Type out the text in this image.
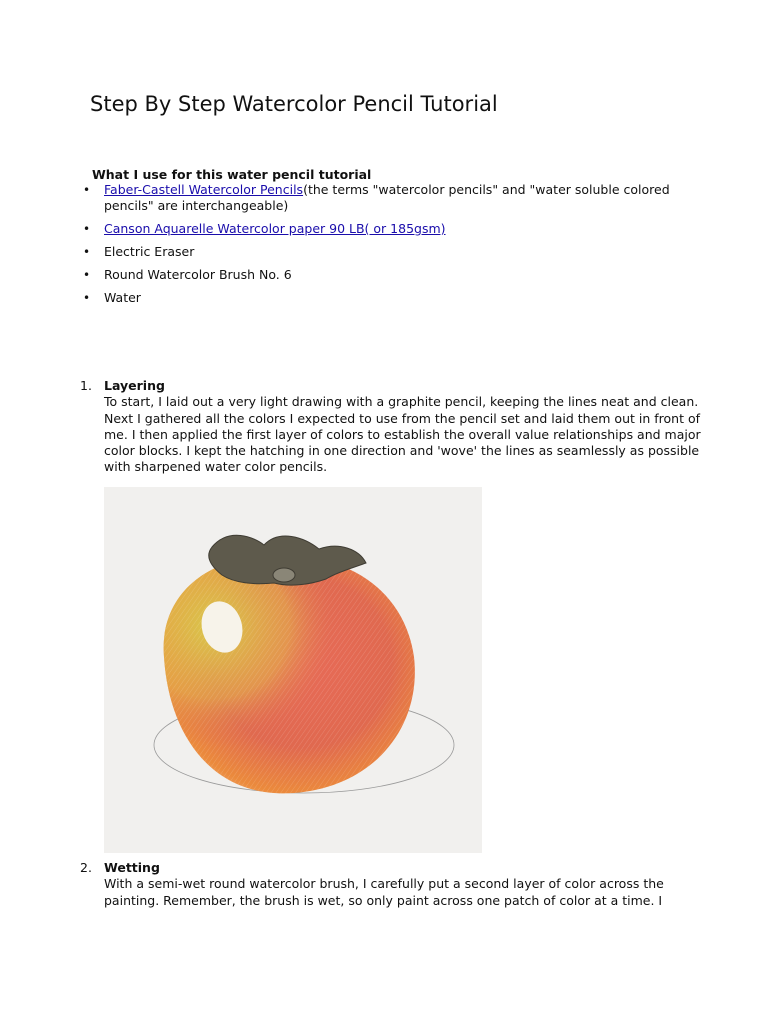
Step By Step Watercolor Pencil Tutorial
What I use for this water pencil tutorial
• Faber-Castell Watercolor Pencils(the terms "watercolor pencils" and "water soluble colored pencils" are interchangeable)
• Canson Aquarelle Watercolor paper 90 LB( or 185gsm)
• Electric Eraser
• Round Watercolor Brush No. 6
• Water
1. Layering

To start, I laid out a very light drawing with a graphite pencil, keeping the lines neat and clean. Next I gathered all the colors I expected to use from the pencil set and laid them out in front of me. I then applied the first layer of colors to establish the overall value relationships and major color blocks. I kept the hatching in one direction and 'wove' the lines as seamlessly as possible with sharpened water color pencils.

2. Wetting

With a semi-wet round watercolor brush, I carefully put a second layer of color across the painting. Remember, the brush is wet, so only paint across one patch of color at a time. I
